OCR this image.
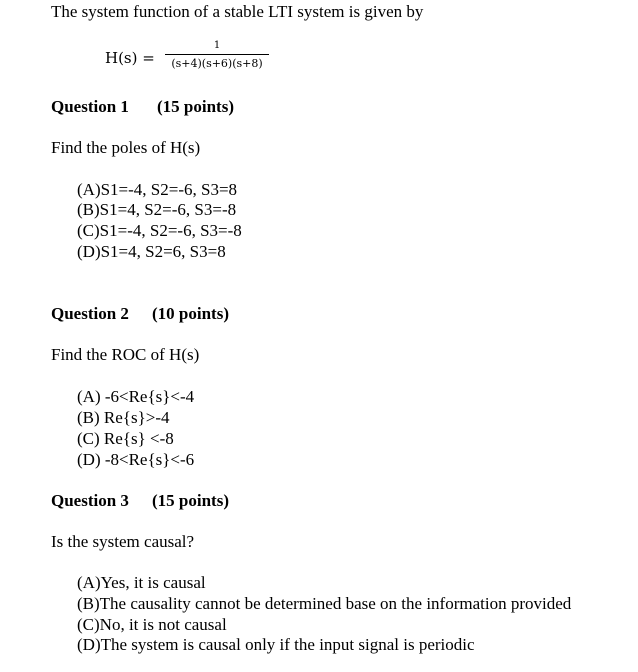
The system function of a stable LTI system is given by
H(s) =
1
(s+4)(s+6)(s+8)
Question 1 (15 points)
Find the poles of H(s)
(A)S1=-4, S2=-6, S3=8
(B)S1=4, S2=-6, S3=-8
(C)S1=-4, S2=-6, S3=-8
(D)S1=4, S2=6, S3=8
Question 2 (10 points)
Find the ROC of H(s)
(A) -6<Re{s}<-4
(B) Re{s}>-4
(C) Re{s} <-8
(D) -8<Re{s}<-6
Question 3 (15 points)
Is the system causal?
(A)Yes, it is causal
(B)The causality cannot be determined base on the information provided
(C)No, it is not causal
(D)The system is causal only if the input signal is periodic
